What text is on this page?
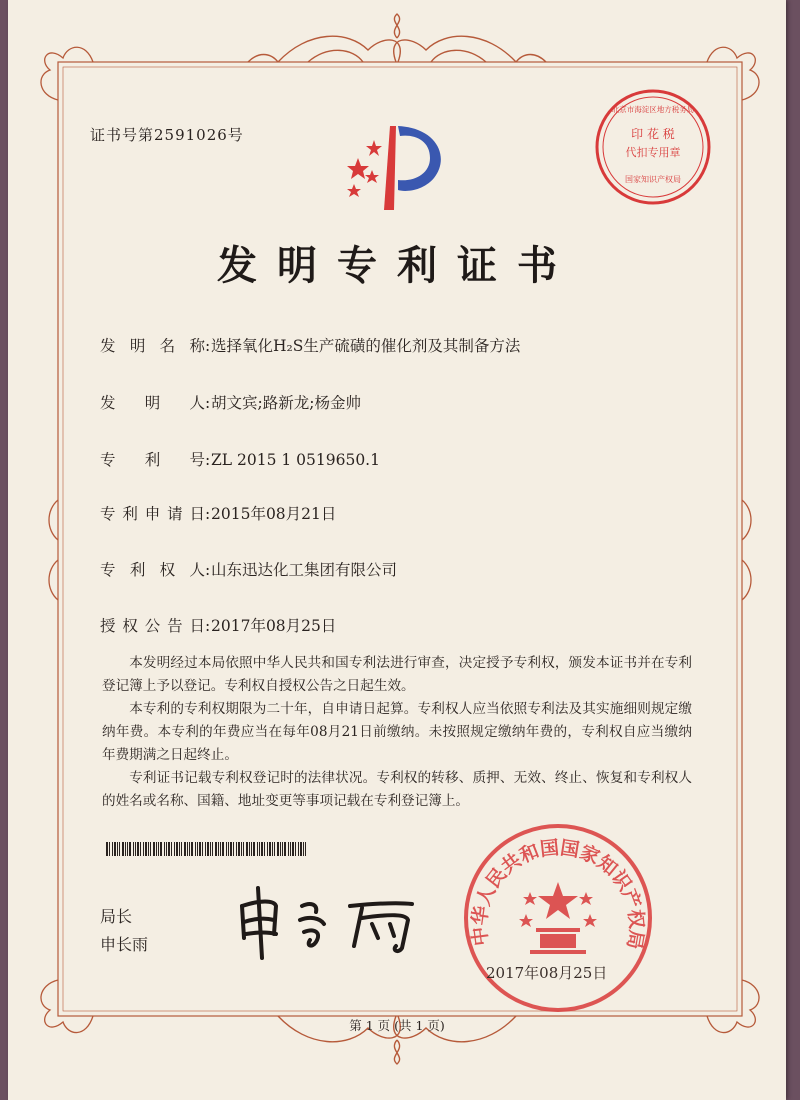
证书号第2591026号	印 花 税
代扣专用章
国家知识产权局
北京市海淀区地方税务局
发明专利证书
发明名称:选择氧化H₂S生产硫磺的催化剂及其制备方法
发明人:胡文宾;路新龙;杨金帅
专利号:ZL 2015 1 0519650.1
专利申请日:2015年08月21日
专利权人:山东迅达化工集团有限公司
授权公告日:2017年08月25日

本发明经过本局依照中华人民共和国专利法进行审查，决定授予专利权，颁发本证书并在专利登记簿上予以登记。专利权自授权公告之日起生效。

本专利的专利权期限为二十年，自申请日起算。专利权人应当依照专利法及其实施细则规定缴纳年费。本专利的年费应当在每年08月21日前缴纳。未按照规定缴纳年费的，专利权自应当缴纳年费期满之日起终止。

专利证书记载专利权登记时的法律状况。专利权的转移、质押、无效、终止、恢复和专利权人的姓名或名称、国籍、地址变更等事项记载在专利登记簿上。

局长
申长雨	中华人民共和国国家知识产权局
2017年08月25日
第 1 页 (共 1 页)
